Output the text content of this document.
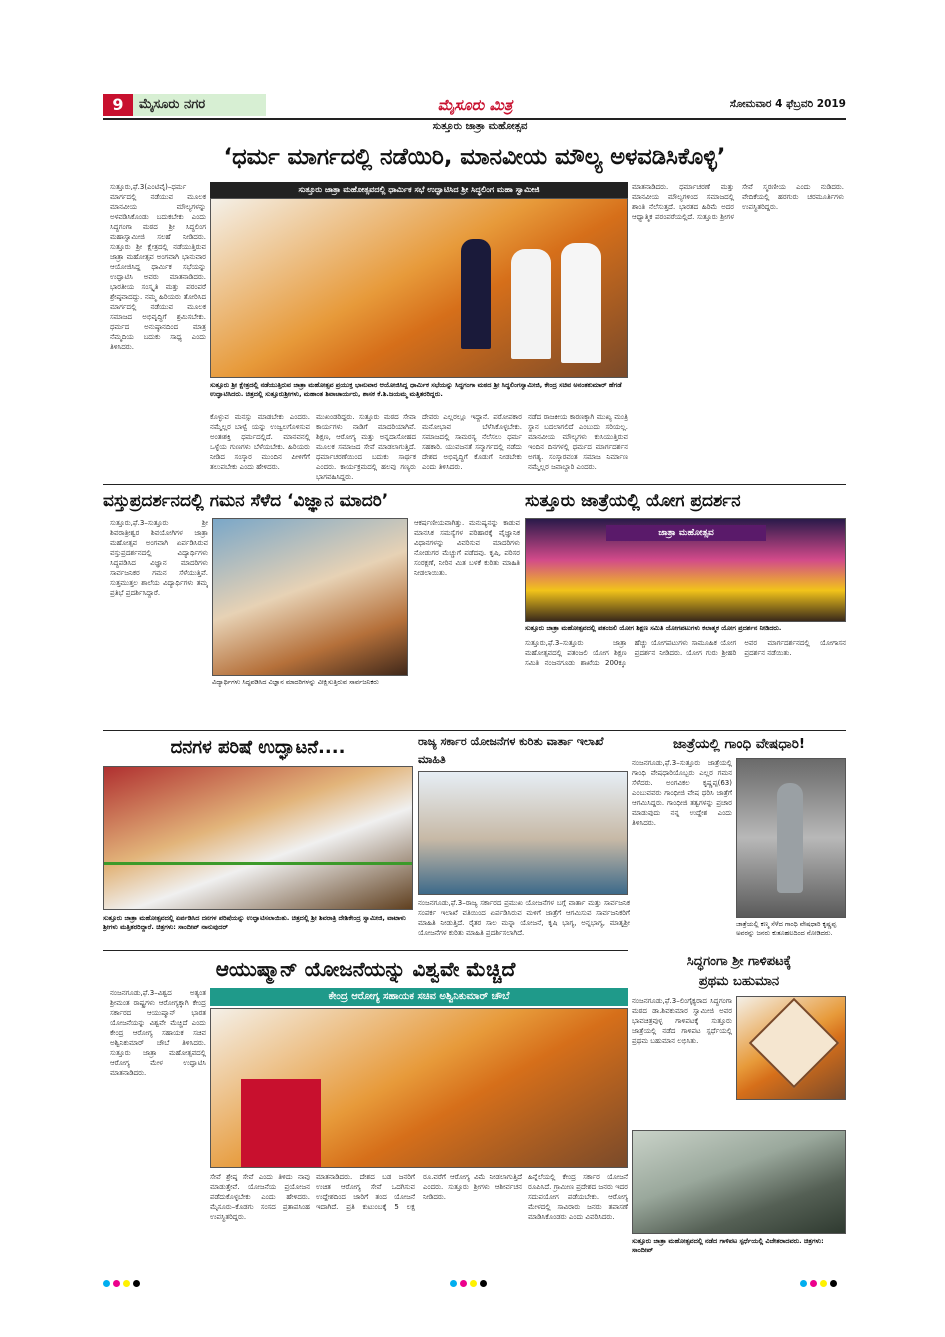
9	ಮೈಸೂರು ನಗರ	ಮೈಸೂರು ಮಿತ್ರ	ಸೋಮವಾರ 4 ಫೆಬ್ರವರಿ 2019
ಸುತ್ತೂರು ಜಾತ್ರಾ ಮಹೋತ್ಸವ
‘ಧರ್ಮ ಮಾರ್ಗದಲ್ಲಿ ನಡೆಯಿರಿ, ಮಾನವೀಯ ಮೌಲ್ಯ ಅಳವಡಿಸಿಕೊಳ್ಳಿ’
ಸುತ್ತೂರು,ಫೆ.3(ಎಂಟಿವೈ)–ಧರ್ಮ ಮಾರ್ಗದಲ್ಲಿ ನಡೆಯುವ ಮೂಲಕ ಮಾನವೀಯ ಮೌಲ್ಯಗಳನ್ನು ಅಳವಡಿಸಿಕೊಂಡು ಬದುಕಬೇಕು ಎಂದು ಸಿದ್ಧಗಂಗಾ ಮಠದ ಶ್ರೀ ಸಿದ್ಧಲಿಂಗ ಮಹಾಸ್ವಾಮೀಜಿ ಸಲಹೆ ನೀಡಿದರು. ಸುತ್ತೂರು ಶ್ರೀ ಕ್ಷೇತ್ರದಲ್ಲಿ ನಡೆಯುತ್ತಿರುವ ಜಾತ್ರಾ ಮಹೋತ್ಸವ ಅಂಗವಾಗಿ ಭಾನುವಾರ ಆಯೋಜಿಸಿದ್ದ ಧಾರ್ಮಿಕ ಸಭೆಯನ್ನು ಉದ್ಘಾಟಿಸಿ ಅವರು ಮಾತನಾಡಿದರು. ಭಾರತೀಯ ಸಂಸ್ಕೃತಿ ಮತ್ತು ಪರಂಪರೆ ಶ್ರೇಷ್ಠವಾದದ್ದು. ನಮ್ಮ ಹಿರಿಯರು ತೋರಿಸಿದ ಮಾರ್ಗದಲ್ಲಿ ನಡೆಯುವ ಮೂಲಕ ಸಮಾಜದ ಅಭಿವೃದ್ಧಿಗೆ ಶ್ರಮಿಸಬೇಕು. ಧರ್ಮದ ಅನುಷ್ಠಾನದಿಂದ ಮಾತ್ರ ನೆಮ್ಮದಿಯ ಬದುಕು ಸಾಧ್ಯ ಎಂದು ತಿಳಿಸಿದರು.
ಸುತ್ತೂರು ಜಾತ್ರಾ ಮಹೋತ್ಸವದಲ್ಲಿ ಧಾರ್ಮಿಕ ಸಭೆ ಉದ್ಘಾಟಿಸಿದ ಶ್ರೀ ಸಿದ್ಧಲಿಂಗ ಮಹಾ ಸ್ವಾಮೀಜಿ
ಸುತ್ತೂರು ಶ್ರೀ ಕ್ಷೇತ್ರದಲ್ಲಿ ನಡೆಯುತ್ತಿರುವ ಜಾತ್ರಾ ಮಹೋತ್ಸವ ಪ್ರಯುಕ್ತ ಭಾನುವಾರ ಆಯೋಜಿಸಿದ್ದ ಧಾರ್ಮಿಕ ಸಭೆಯನ್ನು ಸಿದ್ಧಗಂಗಾ ಮಠದ ಶ್ರೀ ಸಿದ್ಧಲಿಂಗಸ್ವಾಮೀಜಿ, ಕೇಂದ್ರ ಸಚಿವ ಅನಂತಕುಮಾರ್ ಹೆಗಡೆ ಉದ್ಘಾಟಿಸಿದರು. ಚಿತ್ರದಲ್ಲಿ ಸುತ್ತೂರುಶ್ರೀಗಳು, ಮಹಾಂತ ಶಿವಾಚಾರ್ಯರು, ಶಾಸಕ ಕೆ.ಶಿ.ಜಯಮ್ಮ ಮತ್ತಿತರರಿದ್ದರು.
ಕೊಳ್ಳುವ ಮನಸ್ಸು ಮಾಡಬೇಕು ಎಂದರು. ನಮ್ಮೆಲ್ಲರ ಬಾಳ್ವೆ ಯನ್ನು ಉಜ್ವಲಗೊಳಿಸುವ ಅಂತಃಶಕ್ತಿ ಧರ್ಮದಲ್ಲಿದೆ. ಮಾನವನಲ್ಲಿ ಒಳ್ಳೆಯ ಗುಣಗಳು ಬೆಳೆಯಬೇಕು. ಹಿರಿಯರು ನೀಡಿದ ಸಂಸ್ಕಾರ ಮುಂದಿನ ಪೀಳಿಗೆಗೆ ತಲುಪಬೇಕು ಎಂದು ಹೇಳಿದರು.
ಮುಖಂಡರಿದ್ದರು. ಸುತ್ತೂರು ಮಠದ ಸೇವಾ ಕಾರ್ಯಗಳು ನಾಡಿಗೆ ಮಾದರಿಯಾಗಿವೆ. ಶಿಕ್ಷಣ, ಆರೋಗ್ಯ ಮತ್ತು ಅನ್ನದಾಸೋಹದ ಮೂಲಕ ಸಮಾಜದ ಸೇವೆ ಮಾಡಲಾಗುತ್ತಿದೆ. ಧರ್ಮಾಚರಣೆಯಿಂದ ಬದುಕು ಸಾರ್ಥಕ ಎಂದರು. ಕಾರ್ಯಕ್ರಮದಲ್ಲಿ ಹಲವು ಗಣ್ಯರು ಭಾಗವಹಿಸಿದ್ದರು.
ದೇವರು ಎಲ್ಲರಲ್ಲೂ ಇದ್ದಾನೆ. ಪರೋಪಕಾರ ಮನೋಭಾವ ಬೆಳೆಸಿಕೊಳ್ಳಬೇಕು. ಸಮಾಜದಲ್ಲಿ ಸಾಮರಸ್ಯ ನೆಲೆಸಲು ಧರ್ಮ ಸಹಕಾರಿ. ಯುವಜನತೆ ಸನ್ಮಾರ್ಗದಲ್ಲಿ ನಡೆದು ದೇಶದ ಅಭಿವೃದ್ಧಿಗೆ ಕೊಡುಗೆ ನೀಡಬೇಕು ಎಂದು ತಿಳಿಸಿದರು.
ನಡೆದ ರಾಜಕೀಯ ಕಾರಣಕ್ಕಾಗಿ ಮುಖ್ಯ ಮಂತ್ರಿ ಸ್ಥಾನ ಬದಲಾಗಲಿದೆ ಎಂಬುದು ಸರಿಯಲ್ಲ. ಮಾನವೀಯ ಮೌಲ್ಯಗಳು ಕುಸಿಯುತ್ತಿರುವ ಇಂದಿನ ದಿನಗಳಲ್ಲಿ ಧರ್ಮದ ಮಾರ್ಗದರ್ಶನ ಅಗತ್ಯ. ಸಂಸ್ಕಾರವಂತ ಸಮಾಜ ನಿರ್ಮಾಣ ನಮ್ಮೆಲ್ಲರ ಜವಾಬ್ದಾರಿ ಎಂದರು.
ಮಾತನಾಡಿದರು. ಧರ್ಮಾಚರಣೆ ಮತ್ತು ಮಾನವೀಯ ಮೌಲ್ಯಗಳಿಂದ ಸಮಾಜದಲ್ಲಿ ಶಾಂತಿ ನೆಲೆಸುತ್ತದೆ. ಭಾರತದ ಹಿರಿಮೆ ಅದರ ಆಧ್ಯಾತ್ಮಿಕ ಪರಂಪರೆಯಲ್ಲಿದೆ. ಸುತ್ತೂರು ಶ್ರೀಗಳ ಸೇವೆ ಸ್ಮರಣೀಯ ಎಂದು ನುಡಿದರು. ವೇದಿಕೆಯಲ್ಲಿ ಹರಗುರು ಚರಮೂರ್ತಿಗಳು ಉಪಸ್ಥಿತರಿದ್ದರು.
ವಸ್ತುಪ್ರದರ್ಶನದಲ್ಲಿ ಗಮನ ಸೆಳೆದ ‘ವಿಜ್ಞಾನ ಮಾದರಿ’
ಸುತ್ತೂರು,ಫೆ.3–ಸುತ್ತೂರು ಶ್ರೀ ಶಿವರಾತ್ರೀಶ್ವರ ಶಿವಯೋಗಿಗಳ ಜಾತ್ರಾ ಮಹೋತ್ಸವ ಅಂಗವಾಗಿ ಏರ್ಪಡಿಸಿರುವ ವಸ್ತುಪ್ರದರ್ಶನದಲ್ಲಿ ವಿದ್ಯಾರ್ಥಿಗಳು ಸಿದ್ಧಪಡಿಸಿದ ವಿಜ್ಞಾನ ಮಾದರಿಗಳು ಸಾರ್ವಜನಿಕರ ಗಮನ ಸೆಳೆಯುತ್ತಿವೆ. ಸುತ್ತಮುತ್ತಲ ಶಾಲೆಯ ವಿದ್ಯಾರ್ಥಿಗಳು ತಮ್ಮ ಪ್ರತಿಭೆ ಪ್ರದರ್ಶಿಸಿದ್ದಾರೆ.
ವಿದ್ಯಾರ್ಥಿಗಳು ಸಿದ್ಧಪಡಿಸಿದ ವಿಜ್ಞಾನ ಮಾದರಿಗಳನ್ನು ವೀಕ್ಷಿಸುತ್ತಿರುವ ಸಾರ್ವಜನಿಕರು
ಆಕರ್ಷಣೀಯವಾಗಿತ್ತು. ಮನುಷ್ಯನನ್ನು ಕಾಡುವ ಮಾನಸಿಕ ಸಮಸ್ಯೆಗಳ ಪರಿಹಾರಕ್ಕೆ ವೈಜ್ಞಾನಿಕ ವಿಧಾನಗಳನ್ನು ವಿವರಿಸುವ ಮಾದರಿಗಳು ನೋಡುಗರ ಮೆಚ್ಚುಗೆ ಪಡೆದವು. ಕೃಷಿ, ಪರಿಸರ ಸಂರಕ್ಷಣೆ, ನೀರಿನ ಮಿತ ಬಳಕೆ ಕುರಿತು ಮಾಹಿತಿ ನೀಡಲಾಯಿತು.
ಸುತ್ತೂರು ಜಾತ್ರೆಯಲ್ಲಿ ಯೋಗ ಪ್ರದರ್ಶನ
ಜಾತ್ರಾ ಮಹೋತ್ಸವ
ಸುತ್ತೂರು ಜಾತ್ರಾ ಮಹೋತ್ಸವದಲ್ಲಿ ಪತಂಜಲಿ ಯೋಗ ಶಿಕ್ಷಣ ಸಮಿತಿ ಯೋಗಪಟುಗಳು ಕಲಾತ್ಮಕ ಯೋಗ ಪ್ರದರ್ಶನ ನೀಡಿದರು.
ಸುತ್ತೂರು,ಫೆ.3–ಸುತ್ತೂರು ಜಾತ್ರಾ ಮಹೋತ್ಸವದಲ್ಲಿ ಪತಂಜಲಿ ಯೋಗ ಶಿಕ್ಷಣ ಸಮಿತಿ ನಂಜನಗೂಡು ಶಾಖೆಯ 200ಕ್ಕೂ ಹೆಚ್ಚು ಯೋಗಪಟುಗಳು ಸಾಮೂಹಿಕ ಯೋಗ ಪ್ರದರ್ಶನ ನೀಡಿದರು. ಯೋಗ ಗುರು ಶ್ರೀಹರಿ ಅವರ ಮಾರ್ಗದರ್ಶನದಲ್ಲಿ ಯೋಗಾಸನ ಪ್ರದರ್ಶನ ನಡೆಯಿತು.
ದನಗಳ ಪರಿಷೆ ಉದ್ಘಾಟನೆ....
ಸುತ್ತೂರು ಜಾತ್ರಾ ಮಹೋತ್ಸವದಲ್ಲಿ ಏರ್ಪಡಿಸಿದ ದನಗಳ ಪರಿಷೆಯನ್ನು ಉದ್ಘಾಟಿಸಲಾಯಿತು. ಚಿತ್ರದಲ್ಲಿ ಶ್ರೀ ಶಿವರಾತ್ರಿ ದೇಶಿಕೇಂದ್ರ ಸ್ವಾಮೀಜಿ, ವಾಟಾಳು ಶ್ರೀಗಳು ಮತ್ತಿತರರಿದ್ದಾರೆ. ಚಿತ್ರಗಳು: ಸಾಂದೀಪ್ ನಾನುವುದರ್
ರಾಜ್ಯ ಸರ್ಕಾರ ಯೋಜನೆಗಳ ಕುರಿತು ವಾರ್ತಾ ಇಲಾಖೆ ಮಾಹಿತಿ
ನಂಜನಗೂಡು,ಫೆ.3–ರಾಜ್ಯ ಸರ್ಕಾರದ ಪ್ರಮುಖ ಯೋಜನೆಗಳ ಬಗ್ಗೆ ವಾರ್ತಾ ಮತ್ತು ಸಾರ್ವಜನಿಕ ಸಂಪರ್ಕ ಇಲಾಖೆ ವತಿಯಿಂದ ಏರ್ಪಡಿಸಿರುವ ಮಳಿಗೆ ಜಾತ್ರೆಗೆ ಆಗಮಿಸುವ ಸಾರ್ವಜನಿಕರಿಗೆ ಮಾಹಿತಿ ನೀಡುತ್ತಿದೆ. ರೈತರ ಸಾಲ ಮನ್ನಾ ಯೋಜನೆ, ಕೃಷಿ ಭಾಗ್ಯ, ಅನ್ನಭಾಗ್ಯ, ಮಾತೃಶ್ರೀ ಯೋಜನೆಗಳ ಕುರಿತು ಮಾಹಿತಿ ಪ್ರದರ್ಶಿಸಲಾಗಿದೆ.
ಜಾತ್ರೆಯಲ್ಲಿ ಗಾಂಧಿ ವೇಷಧಾರಿ!
ನಂಜನಗೂಡು,ಫೆ.3–ಸುತ್ತೂರು ಜಾತ್ರೆಯಲ್ಲಿ ಗಾಂಧಿ ವೇಷಧಾರಿಯೊಬ್ಬರು ಎಲ್ಲರ ಗಮನ ಸೆಳೆದರು. ಅಂಗವಿಕಲ ಕೃಷ್ಣಪ್ಪ(63) ಎಂಬುವವರು ಗಾಂಧೀಜಿ ವೇಷ ಧರಿಸಿ ಜಾತ್ರೆಗೆ ಆಗಮಿಸಿದ್ದರು. ಗಾಂಧೀಜಿ ತತ್ವಗಳನ್ನು ಪ್ರಚಾರ ಮಾಡುವುದು ನನ್ನ ಉದ್ದೇಶ ಎಂದು ತಿಳಿಸಿದರು.
ಜಾತ್ರೆಯಲ್ಲಿ ಕಣ್ಮ ಸೆಳೆದ ಗಾಂಧಿ ವೇಷಧಾರಿ ಕೃಷ್ಣಪ್ಪ ಅವರನ್ನು ಜನರು ಕುತೂಹಲದಿಂದ ನೋಡಿದರು.
ಸಿದ್ಧಗಂಗಾ ಶ್ರೀ ಗಾಳಿಪಟಕ್ಕೆ
ಪ್ರಥಮ ಬಹುಮಾನ
ನಂಜನಗೂಡು,ಫೆ.3–ಲಿಂಗೈಕ್ಯರಾದ ಸಿದ್ಧಗಂಗಾ ಮಠದ ಡಾ.ಶಿವಕುಮಾರ ಸ್ವಾಮೀಜಿ ಅವರ ಭಾವಚಿತ್ರವುಳ್ಳ ಗಾಳಿಪಟಕ್ಕೆ ಸುತ್ತೂರು ಜಾತ್ರೆಯಲ್ಲಿ ನಡೆದ ಗಾಳಿಪಟ ಸ್ಪರ್ಧೆಯಲ್ಲಿ ಪ್ರಥಮ ಬಹುಮಾನ ಲಭಿಸಿತು.
ಸುತ್ತೂರು ಜಾತ್ರಾ ಮಹೋತ್ಸವದಲ್ಲಿ ನಡೆದ ಗಾಳಿಪಟ ಸ್ಪರ್ಧೆಯಲ್ಲಿ ವಿಜೇತರಾದವರು. ಚಿತ್ರಗಳು: ಸಾಂದೀಪ್
ಆಯುಷ್ಮಾನ್ ಯೋಜನೆಯನ್ನು ವಿಶ್ವವೇ ಮೆಚ್ಚಿದೆ
ಕೇಂದ್ರ ಆರೋಗ್ಯ ಸಹಾಯಕ ಸಚಿವ ಅಶ್ವಿನಿಕುಮಾರ್ ಚೌಬೆ
ನಂಜನಗೂಡು,ಫೆ.3–ವಿಶ್ವದ ಅತ್ಯಂತ ಶ್ರೀಮಂತ ರಾಷ್ಟ್ರಗಳು ಆರೋಗ್ಯಕ್ಕಾಗಿ ಕೇಂದ್ರ ಸರ್ಕಾರದ ಆಯುಷ್ಮಾನ್ ಭಾರತ ಯೋಜನೆಯನ್ನು ವಿಶ್ವವೇ ಮೆಚ್ಚಿದೆ ಎಂದು ಕೇಂದ್ರ ಆರೋಗ್ಯ ಸಹಾಯಕ ಸಚಿವ ಅಶ್ವಿನಿಕುಮಾರ್ ಚೌಬೆ ತಿಳಿಸಿದರು. ಸುತ್ತೂರು ಜಾತ್ರಾ ಮಹೋತ್ಸವದಲ್ಲಿ ಆರೋಗ್ಯ ಮೇಳ ಉದ್ಘಾಟಿಸಿ ಮಾತನಾಡಿದರು.
ಸೇವೆ ಶ್ರೇಷ್ಠ ಸೇವೆ ಎಂದು ತಿಳಿದು ನಾವು ಮಾಡುತ್ತೇವೆ. ಯೋಜನೆಯ ಪ್ರಯೋಜನ ಪಡೆದುಕೊಳ್ಳಬೇಕು ಎಂದು ಹೇಳಿದರು. ಮೈಸೂರು–ಕೊಡಗು ಸಂಸದ ಪ್ರತಾಪಸಿಂಹ ಉಪಸ್ಥಿತರಿದ್ದರು.
ಮಾತನಾಡಿದರು. ದೇಶದ ಬಡ ಜನರಿಗೆ ಉಚಿತ ಆರೋಗ್ಯ ಸೇವೆ ಒದಗಿಸುವ ಉದ್ದೇಶದಿಂದ ಜಾರಿಗೆ ತಂದ ಯೋಜನೆ ಇದಾಗಿದೆ. ಪ್ರತಿ ಕುಟುಂಬಕ್ಕೆ 5 ಲಕ್ಷ ರೂ.ವರೆಗೆ ಆರೋಗ್ಯ ವಿಮೆ ನೀಡಲಾಗುತ್ತಿದೆ ಎಂದರು. ಸುತ್ತೂರು ಶ್ರೀಗಳು ಆಶೀರ್ವಚನ ನೀಡಿದರು.
ಹಿನ್ನೆಲೆಯಲ್ಲಿ ಕೇಂದ್ರ ಸರ್ಕಾರ ಯೋಜನೆ ರೂಪಿಸಿದೆ. ಗ್ರಾಮೀಣ ಪ್ರದೇಶದ ಜನರು ಇದರ ಸದುಪಯೋಗ ಪಡೆಯಬೇಕು. ಆರೋಗ್ಯ ಮೇಳದಲ್ಲಿ ಸಾವಿರಾರು ಜನರು ತಪಾಸಣೆ ಮಾಡಿಸಿಕೊಂಡರು ಎಂದು ವಿವರಿಸಿದರು.
